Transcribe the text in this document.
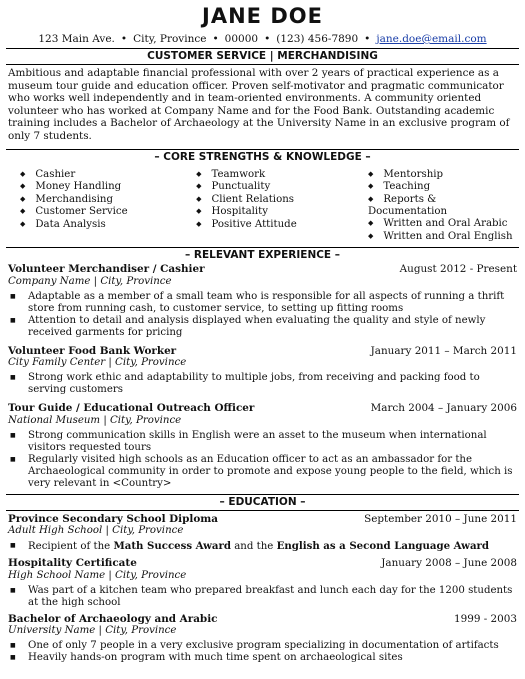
JANE DOE
123 Main Ave. • City, Province • 00000 • (123) 456-7890 • jane.doe@email.com
CUSTOMER SERVICE | MERCHANDISING
Ambitious and adaptable financial professional with over 2 years of practical experience as a museum tour guide and education officer. Proven self-motivator and pragmatic communicator who works well independently and in team-oriented environments. A community oriented volunteer who has worked at Company Name and for the Food Bank. Outstanding academic training includes a Bachelor of Archaeology at the University Name in an exclusive program of only 7 students.
– CORE STRENGTHS & KNOWLEDGE –
◆ Cashier
◆ Money Handling
◆ Merchandising
◆ Customer Service
◆ Data Analysis
◆ Teamwork
◆ Punctuality
◆ Client Relations
◆ Hospitality
◆ Positive Attitude
◆ Mentorship
◆ Teaching
◆ Reports & Documentation
◆ Written and Oral Arabic
◆ Written and Oral English
– RELEVANT EXPERIENCE –
Volunteer Merchandiser / Cashier	August 2012 - Present
Company Name | City, Province
■ Adaptable as a member of a small team who is responsible for all aspects of running a thrift store from running cash, to customer service, to setting up fitting rooms
■ Attention to detail and analysis displayed when evaluating the quality and style of newly received garments for pricing
Volunteer Food Bank Worker	January 2011 – March 2011
City Family Center | City, Province
■ Strong work ethic and adaptability to multiple jobs, from receiving and packing food to serving customers
Tour Guide / Educational Outreach Officer	March 2004 – January 2006
National Museum | City, Province
■ Strong communication skills in English were an asset to the museum when international visitors requested tours
■ Regularly visited high schools as an Education officer to act as an ambassador for the Archaeological community in order to promote and expose young people to the field, which is very relevant in <Country>
– EDUCATION –
Province Secondary School Diploma	September 2010 – June 2011
Adult High School | City, Province
■ Recipient of the Math Success Award and the English as a Second Language Award
Hospitality Certificate	January 2008 – June 2008
High School Name | City, Province
■ Was part of a kitchen team who prepared breakfast and lunch each day for the 1200 students at the high school
Bachelor of Archaeology and Arabic	1999 - 2003
University Name | City, Province
■ One of only 7 people in a very exclusive program specializing in documentation of artifacts
■ Heavily hands-on program with much time spent on archaeological sites
